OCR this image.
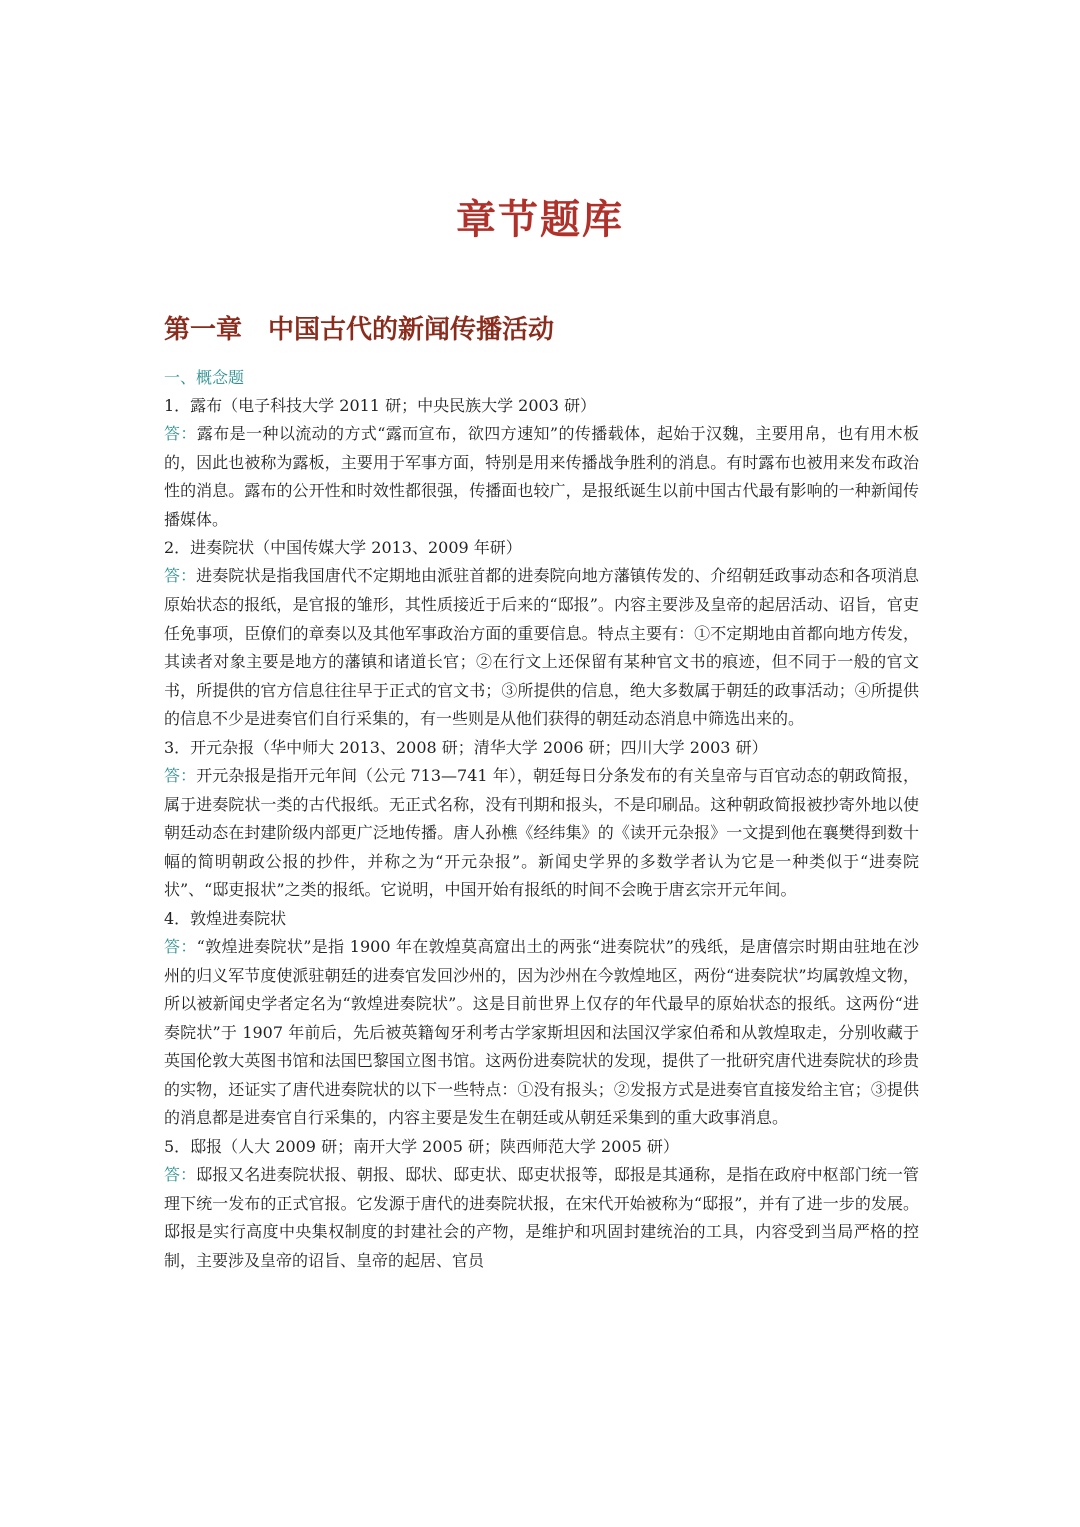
章节题库
第一章　中国古代的新闻传播活动

一、概念题

1．露布（电子科技大学 2011 研；中央民族大学 2003 研）

答：露布是一种以流动的方式“露而宣布，欲四方速知”的传播载体，起始于汉魏，主要用帛，也有用木板的，因此也被称为露板，主要用于军事方面，特别是用来传播战争胜利的消息。有时露布也被用来发布政治性的消息。露布的公开性和时效性都很强，传播面也较广，是报纸诞生以前中国古代最有影响的一种新闻传播媒体。

2．进奏院状（中国传媒大学 2013、2009 年研）

答：进奏院状是指我国唐代不定期地由派驻首都的进奏院向地方藩镇传发的、介绍朝廷政事动态和各项消息原始状态的报纸，是官报的雏形，其性质接近于后来的“邸报”。内容主要涉及皇帝的起居活动、诏旨，官吏任免事项，臣僚们的章奏以及其他军事政治方面的重要信息。特点主要有：①不定期地由首都向地方传发，其读者对象主要是地方的藩镇和诸道长官；②在行文上还保留有某种官文书的痕迹，但不同于一般的官文书，所提供的官方信息往往早于正式的官文书；③所提供的信息，绝大多数属于朝廷的政事活动；④所提供的信息不少是进奏官们自行采集的，有一些则是从他们获得的朝廷动态消息中筛选出来的。

3．开元杂报（华中师大 2013、2008 研；清华大学 2006 研；四川大学 2003 研）

答：开元杂报是指开元年间（公元 713—741 年），朝廷每日分条发布的有关皇帝与百官动态的朝政简报，属于进奏院状一类的古代报纸。无正式名称，没有刊期和报头，不是印刷品。这种朝政简报被抄寄外地以使朝廷动态在封建阶级内部更广泛地传播。唐人孙樵《经纬集》的《读开元杂报》一文提到他在襄樊得到数十幅的简明朝政公报的抄件，并称之为“开元杂报”。新闻史学界的多数学者认为它是一种类似于“进奏院状”、“邸吏报状”之类的报纸。它说明，中国开始有报纸的时间不会晚于唐玄宗开元年间。

4．敦煌进奏院状

答：“敦煌进奏院状”是指 1900 年在敦煌莫高窟出土的两张“进奏院状”的残纸，是唐僖宗时期由驻地在沙州的归义军节度使派驻朝廷的进奏官发回沙州的，因为沙州在今敦煌地区，两份“进奏院状”均属敦煌文物，所以被新闻史学者定名为“敦煌进奏院状”。这是目前世界上仅存的年代最早的原始状态的报纸。这两份“进奏院状”于 1907 年前后，先后被英籍匈牙利考古学家斯坦因和法国汉学家伯希和从敦煌取走，分别收藏于英国伦敦大英图书馆和法国巴黎国立图书馆。这两份进奏院状的发现，提供了一批研究唐代进奏院状的珍贵的实物，还证实了唐代进奏院状的以下一些特点：①没有报头；②发报方式是进奏官直接发给主官；③提供的消息都是进奏官自行采集的，内容主要是发生在朝廷或从朝廷采集到的重大政事消息。

5．邸报（人大 2009 研；南开大学 2005 研；陕西师范大学 2005 研）

答：邸报又名进奏院状报、朝报、邸状、邸吏状、邸吏状报等，邸报是其通称，是指在政府中枢部门统一管理下统一发布的正式官报。它发源于唐代的进奏院状报，在宋代开始被称为“邸报”，并有了进一步的发展。邸报是实行高度中央集权制度的封建社会的产物，是维护和巩固封建统治的工具，内容受到当局严格的控制，主要涉及皇帝的诏旨、皇帝的起居、官员
